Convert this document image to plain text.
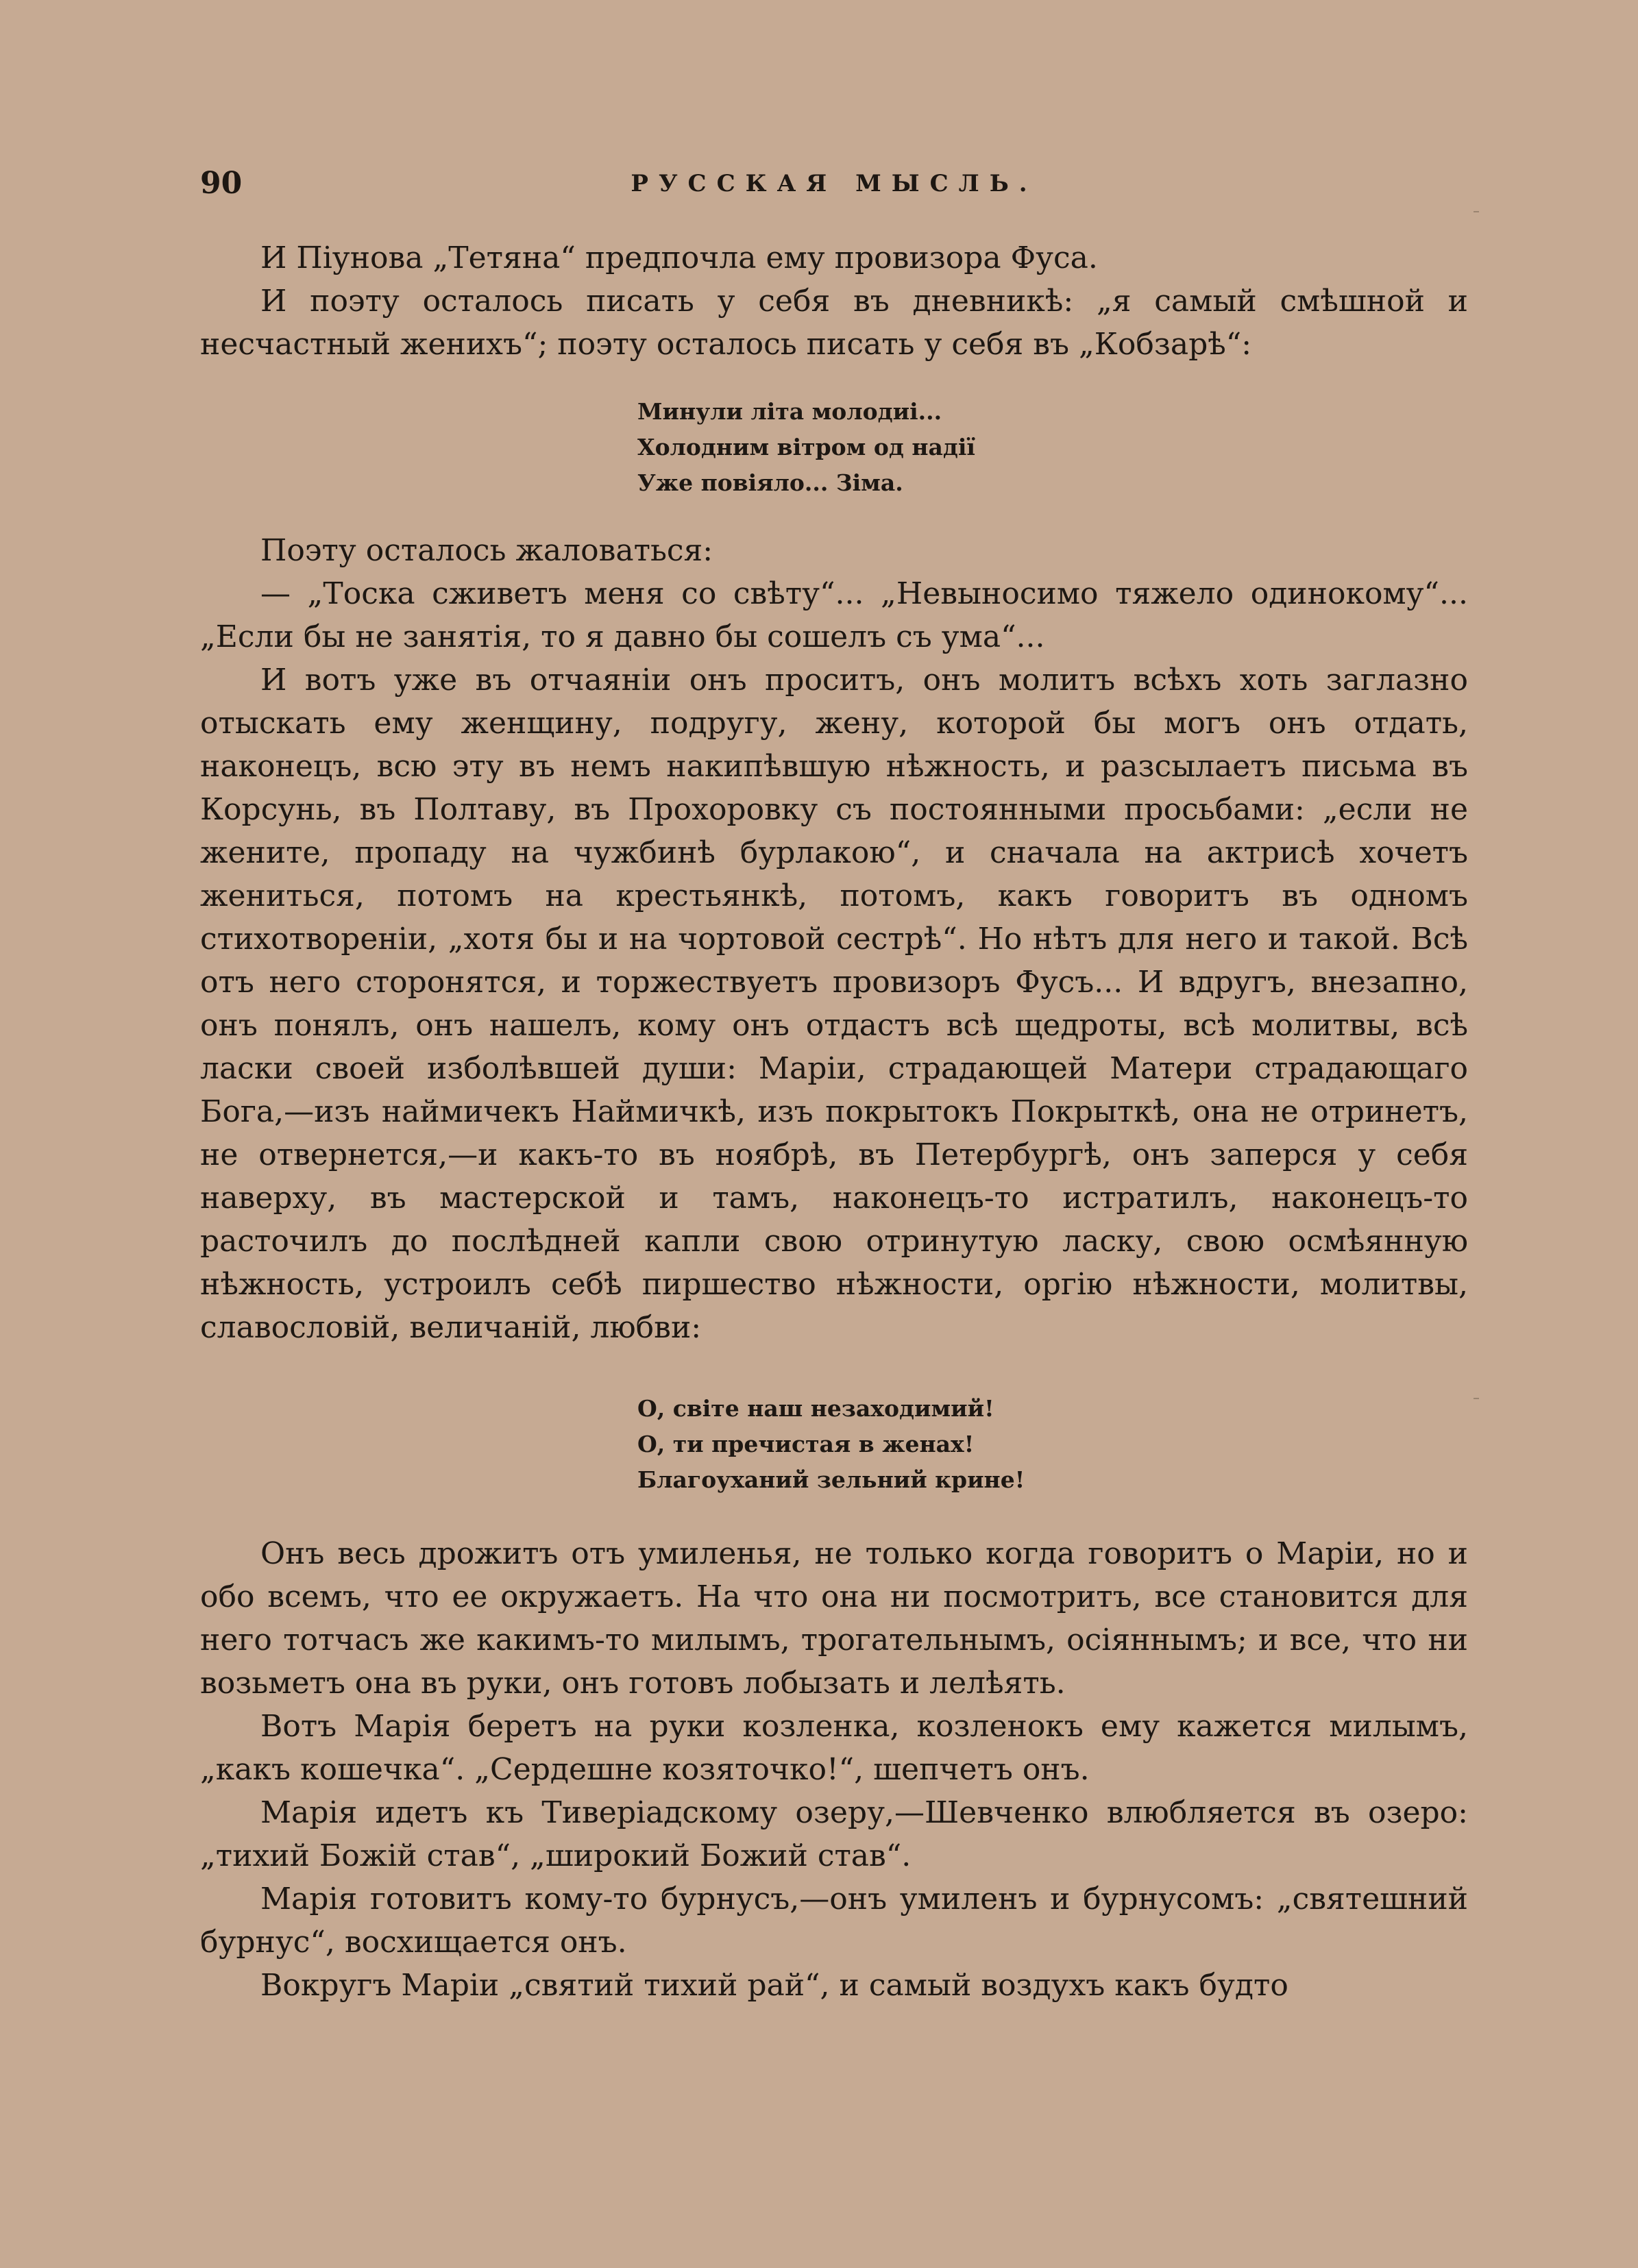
90	РУССКАЯ МЫСЛЬ.

И Піунова „Тетяна“ предпочла ему провизора Фуса.

И поэту осталось писать у себя въ дневникѣ: „я самый смѣшной и несчастный женихъ“; поэту осталось писать у себя въ „Кобзарѣ“:

Минули літа молодиі...
Холодним вітром од надії
Уже повіяло... Зіма.

Поэту осталось жаловаться:

— „Тоска сживетъ меня со свѣту“... „Невыносимо тяжело одинокому“... „Если бы не занятія, то я давно бы сошелъ съ ума“...

И вотъ уже въ отчаяніи онъ проситъ, онъ молитъ всѣхъ хоть заглазно отыскать ему женщину, подругу, жену, которой бы могъ онъ отдать, наконецъ, всю эту въ немъ накипѣвшую нѣжность, и разсылаетъ письма въ Корсунь, въ Полтаву, въ Прохоровку съ постоянными просьбами: „если не жените, пропаду на чужбинѣ бурлакою“, и сначала на актрисѣ хочетъ жениться, потомъ на крестьянкѣ, потомъ, какъ говоритъ въ одномъ стихотвореніи, „хотя бы и на чортовой сестрѣ“. Но нѣтъ для него и такой. Всѣ отъ него сторонятся, и торжествуетъ провизоръ Фусъ... И вдругъ, внезапно, онъ понялъ, онъ нашелъ, кому онъ отдастъ всѣ щедроты, всѣ молитвы, всѣ ласки своей изболѣвшей души: Маріи, страдающей Матери страдающаго Бога,—изъ наймичекъ Наймичкѣ, изъ покрытокъ Покрыткѣ, она не отринетъ, не отвернется,—и какъ-то въ ноябрѣ, въ Петербургѣ, онъ заперся у себя наверху, въ мастерской и тамъ, наконецъ-то истратилъ, наконецъ-то расточилъ до послѣдней капли свою отринутую ласку, свою осмѣянную нѣжность, устроилъ себѣ пиршество нѣжности, оргію нѣжности, молитвы, славословій, величаній, любви:

О, світе наш незаходимий!
О, ти пречистая в женах!
Благоуханий зельний крине!

Онъ весь дрожитъ отъ умиленья, не только когда говоритъ о Маріи, но и обо всемъ, что ее окружаетъ. На что она ни посмотритъ, все становится для него тотчасъ же какимъ-то милымъ, трогательнымъ, осіяннымъ; и все, что ни возьметъ она въ руки, онъ готовъ лобызать и лелѣять.

Вотъ Марія беретъ на руки козленка, козленокъ ему кажется милымъ, „какъ кошечка“. „Сердешне козяточко!“, шепчетъ онъ.

Марія идетъ къ Тиверіадскому озеру,—Шевченко влюбляется въ озеро: „тихий Божій став“, „широкий Божий став“.

Марія готовитъ кому-то бурнусъ,—онъ умиленъ и бурнусомъ: „святешний бурнус“, восхищается онъ.

Вокругъ Маріи „святий тихий рай“, и самый воздухъ какъ будто
